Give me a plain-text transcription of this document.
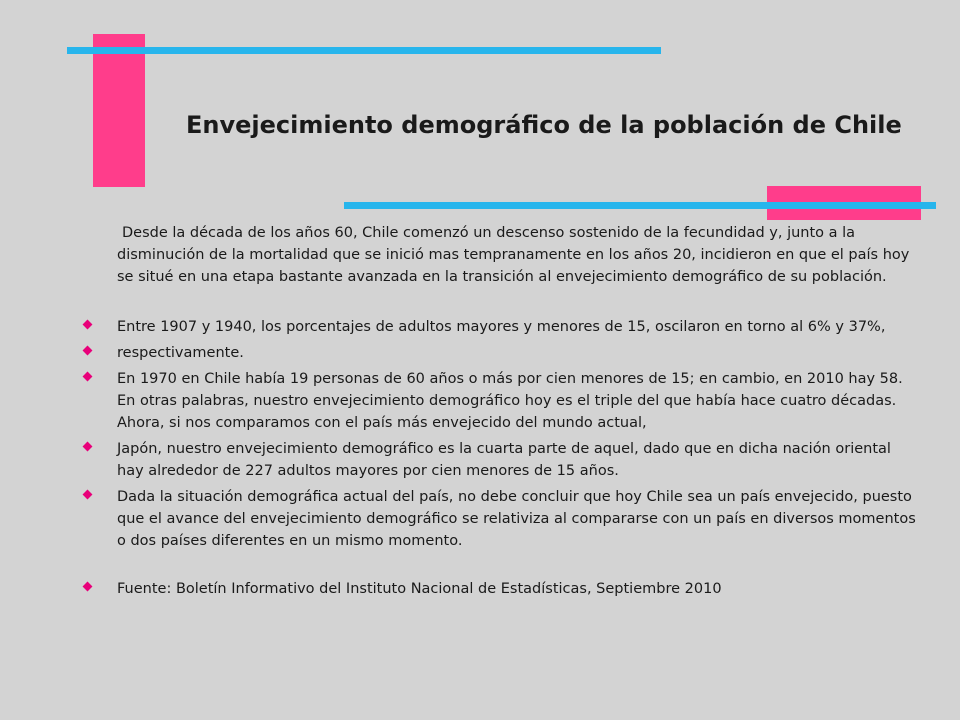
Envejecimiento demográfico de la población de Chile

Desde la década de los años 60, Chile comenzó un descenso sostenido de la fecundidad y, junto a la disminución de la mortalidad que se inició mas tempranamente en los años 20, incidieron en que el país hoy se situé en una etapa bastante avanzada en la transición al envejecimiento demográfico de su población.

Entre 1907 y 1940, los porcentajes de adultos mayores y menores de 15, oscilaron en torno al 6% y 37%,
respectivamente.
En 1970 en Chile había 19 personas de 60 años o más por cien menores de 15; en cambio, en 2010 hay 58. En otras palabras, nuestro envejecimiento demográfico hoy es el triple del que había hace cuatro décadas. Ahora, si nos comparamos con el país más envejecido del mundo actual,
Japón, nuestro envejecimiento demográfico es la cuarta parte de aquel, dado que en dicha nación oriental hay alrededor de 227 adultos mayores por cien menores de 15 años.
Dada la situación demográfica actual del país, no debe concluir que hoy Chile sea un país envejecido, puesto que el avance del envejecimiento demográfico se relativiza al compararse con un país en diversos momentos o dos países diferentes en un mismo momento.
Fuente: Boletín Informativo del Instituto Nacional de Estadísticas, Septiembre 2010
